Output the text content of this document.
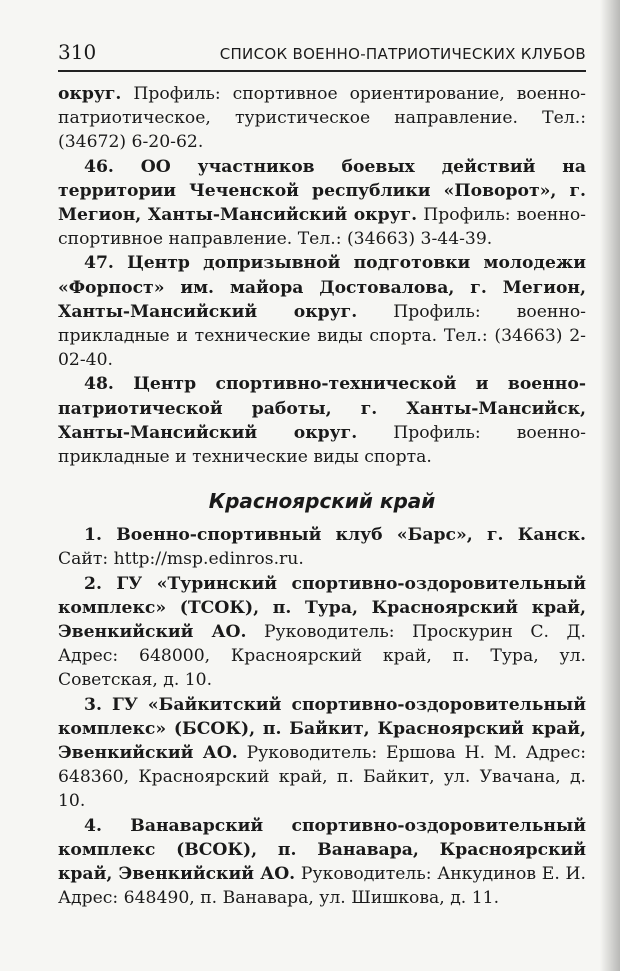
310	СПИСОК ВОЕННО-ПАТРИОТИЧЕСКИХ КЛУБОВ

округ. Профиль: спортивное ориентирование, военно-патриотическое, туристическое направление. Тел.: (34672) 6-20-62.

46. ОО участников боевых действий на территории Чеченской республики «Поворот», г. Мегион, Ханты-Мансийский округ. Профиль: военно-спортивное направление. Тел.: (34663) 3-44-39.

47. Центр допризывной подготовки молодежи «Форпост» им. майора Достовалова, г. Мегион, Ханты-Мансийский округ. Профиль: военно-прикладные и технические виды спорта. Тел.: (34663) 2-02-40.

48. Центр спортивно-технической и военно-патриотической работы, г. Ханты-Мансийск, Ханты-Мансийский округ. Профиль: военно-прикладные и технические виды спорта.

Красноярский край

1. Военно-спортивный клуб «Барс», г. Канск. Сайт: http://msp.edinros.ru.

2. ГУ «Туринский спортивно-оздоровительный комплекс» (ТСОК), п. Тура, Красноярский край, Эвенкийский АО. Руководитель: Проскурин С. Д. Адрес: 648000, Красноярский край, п. Тура, ул. Советская, д. 10.

3. ГУ «Байкитский спортивно-оздоровительный комплекс» (БСОК), п. Байкит, Красноярский край, Эвенкийский АО. Руководитель: Ершова Н. М. Адрес: 648360, Красноярский край, п. Байкит, ул. Увачана, д. 10.

4. Ванаварский спортивно-оздоровительный комплекс (ВСОК), п. Ванавара, Красноярский край, Эвенкийский АО. Руководитель: Анкудинов Е. И. Адрес: 648490, п. Ванавара, ул. Шишкова, д. 11.
